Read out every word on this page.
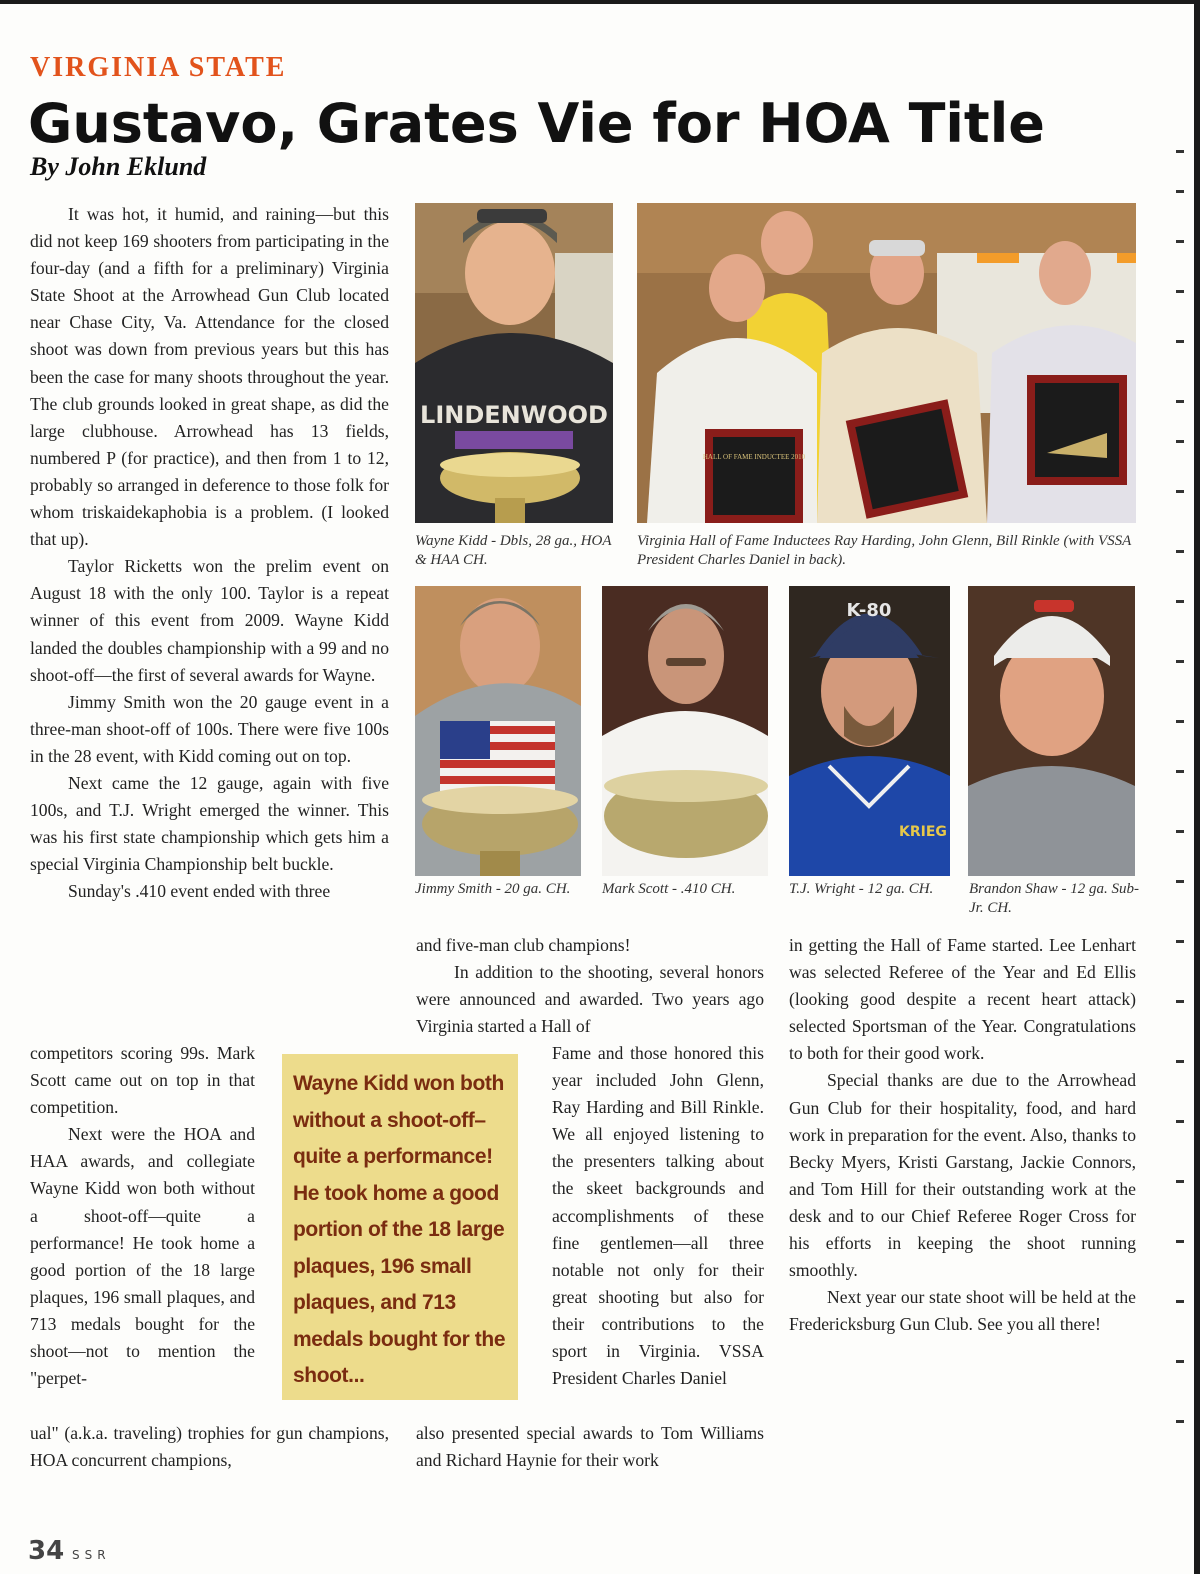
VIRGINIA STATE
Gustavo, Grates Vie for HOA Title
By John Eklund

It was hot, it humid, and raining—but this did not keep 169 shooters from participating in the four-day (and a fifth for a preliminary) Virginia State Shoot at the Arrowhead Gun Club located near Chase City, Va. Attendance for the closed shoot was down from previous years but this has been the case for many shoots throughout the year. The club grounds looked in great shape, as did the large clubhouse. Arrowhead has 13 fields, numbered P (for practice), and then from 1 to 12, probably so arranged in deference to those folk for whom triskaidekaphobia is a problem. (I looked that up).

Taylor Ricketts won the prelim event on August 18 with the only 100. Taylor is a repeat winner of this event from 2009. Wayne Kidd landed the doubles championship with a 99 and no shoot-off—the first of several awards for Wayne.

Jimmy Smith won the 20 gauge event in a three-man shoot-off of 100s. There were five 100s in the 28 event, with Kidd coming out on top.

Next came the 12 gauge, again with five 100s, and T.J. Wright emerged the winner. This was his first state championship which gets him a special Virginia Championship belt buckle.

Sunday's .410 event ended with three

competitors scoring 99s. Mark Scott came out on top in that competition.

Next were the HOA and HAA awards, and collegiate Wayne Kidd won both without a shoot-off—quite a performance! He took home a good portion of the 18 large plaques, 196 small plaques, and 713 medals bought for the shoot—not to mention the "perpet-

ual" (a.k.a. traveling) trophies for gun champions, HOA concurrent champions,

Wayne Kidd won both
without a shoot-off–
quite a performance!
He took home a good
portion of the 18 large
plaques, 196 small
plaques, and 713
medals bought for the
shoot...

and five-man club champions!

In addition to the shooting, several honors were announced and awarded. Two years ago Virginia started a Hall of

Fame and those honored this year included John Glenn, Ray Harding and Bill Rinkle. We all enjoyed listening to the presenters talking about the skeet backgrounds and accomplishments of these fine gentlemen—all three notable not only for their great shooting but also for their contributions to the sport in Virginia. VSSA President Charles Daniel

also presented special awards to Tom Williams and Richard Haynie for their work

in getting the Hall of Fame started. Lee Lenhart was selected Referee of the Year and Ed Ellis (looking good despite a recent heart attack) selected Sportsman of the Year. Congratulations to both for their good work.

Special thanks are due to the Arrowhead Gun Club for their hospitality, food, and hard work in preparation for the event. Also, thanks to Becky Myers, Kristi Garstang, Jackie Connors, and Tom Hill for their outstanding work at the desk and to our Chief Referee Roger Cross for his efforts in keeping the shoot running smoothly.

Next year our state shoot will be held at the Fredericksburg Gun Club. See you all there!

LINDENWOOD
Wayne Kidd - Dbls, 28 ga., HOA & HAA CH.
HALL OF FAME INDUCTEE 2010
Virginia Hall of Fame Inductees Ray Harding, John Glenn, Bill Rinkle (with VSSA President Charles Daniel in back).
Jimmy Smith - 20 ga. CH.	Mark Scott - .410 CH.
K-80
KRIEG
T.J. Wright - 12 ga. CH.	Brandon Shaw - 12 ga. Sub-Jr. CH.
34 SSR
